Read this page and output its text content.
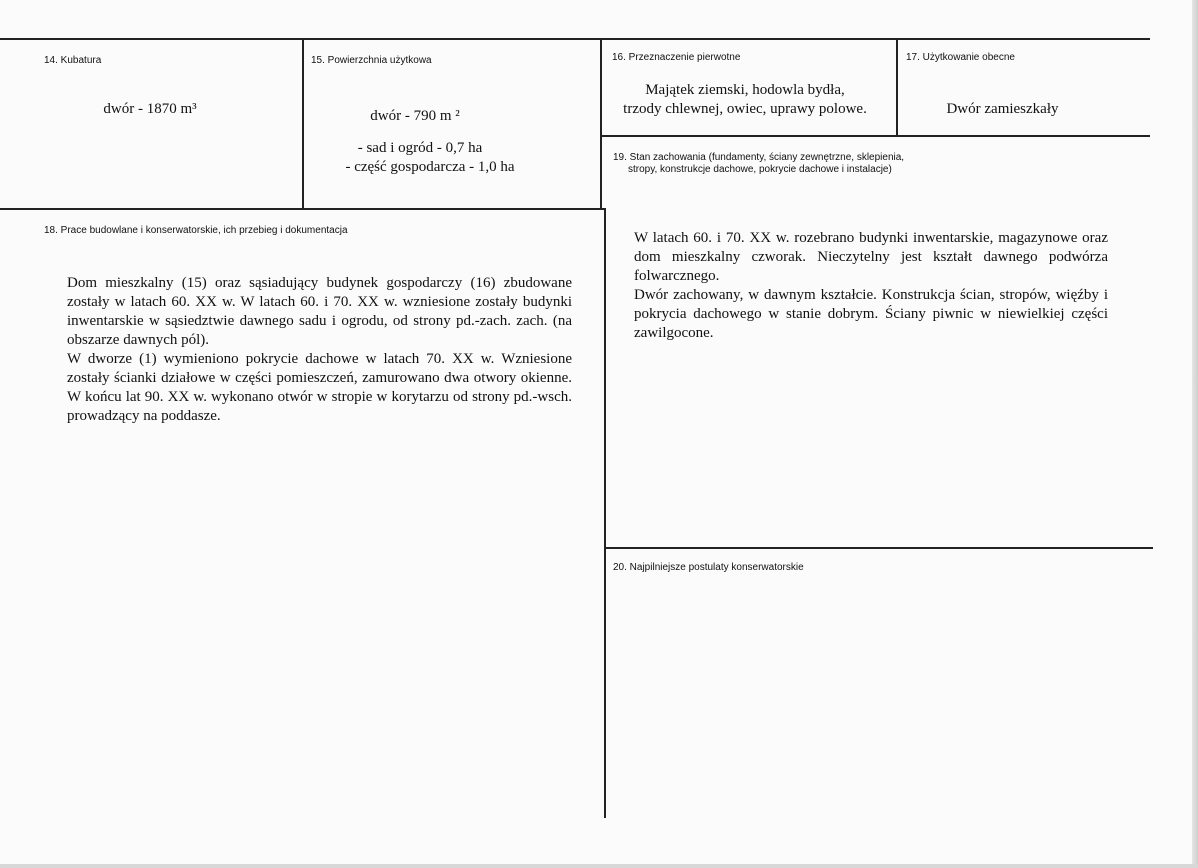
14. Kubatura
dwór - 1870 m³
15. Powierzchnia użytkowa
dwór - 790 m ²
- sad i ogród - 0,7 ha
- część gospodarcza - 1,0 ha
16. Przeznaczenie pierwotne
Majątek ziemski, hodowla bydła,
trzody chlewnej, owiec, uprawy polowe.
17. Użytkowanie obecne
Dwór zamieszkały
19. Stan zachowania (fundamenty, ściany zewnętrzne, sklepienia,
stropy, konstrukcje dachowe, pokrycie dachowe i instalacje)

W latach 60. i 70. XX w. rozebrano budynki inwentarskie, magazynowe oraz dom mieszkalny czworak. Nieczytelny jest kształt dawnego podwórza folwarcznego.

Dwór zachowany, w dawnym kształcie. Konstrukcja ścian, stropów, więźby i pokrycia dachowego w stanie dobrym. Ściany piwnic w niewielkiej części zawilgocone.

18. Prace budowlane i konserwatorskie, ich przebieg i dokumentacja

Dom mieszkalny (15) oraz sąsiadujący budynek gospodarczy (16) zbudowane zostały w latach 60. XX w. W latach 60. i 70. XX w. wzniesione zostały budynki inwentarskie w sąsiedztwie dawnego sadu i ogrodu, od strony pd.-zach. zach. (na obszarze dawnych pól).

W dworze (1) wymieniono pokrycie dachowe w latach 70. XX w. Wzniesione zostały ścianki działowe w części pomieszczeń, zamurowano dwa otwory okienne. W końcu lat 90. XX w. wykonano otwór w stropie w korytarzu od strony pd.-wsch. prowadzący na poddasze.

20. Najpilniejsze postulaty konserwatorskie
